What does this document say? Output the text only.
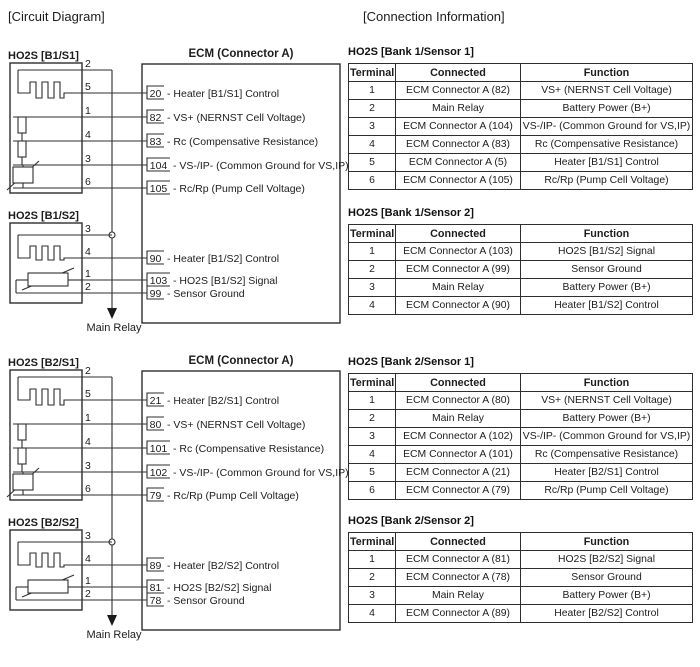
[Circuit Diagram]	[Connection Information]
HO2S [B1/S1]
2
5
1
4
3
6
Main Relay
HO2S [B1/S2]
3
4
1
2
ECM (Connector A)
20 - Heater [B1/S1] Control
82 - VS+ (NERNST Cell Voltage)
83 - Rc (Compensative Resistance)
104 - VS-/IP- (Common Ground for VS,IP)
105 - Rc/Rp (Pump Cell Voltage)
90 - Heater [B1/S2] Control
103 - HO2S [B1/S2] Signal
99 - Sensor Ground
HO2S [B2/S1]
2
5
1
4
3
6
Main Relay
HO2S [B2/S2]
3
4
1
2
ECM (Connector A)
21 - Heater [B2/S1] Control
80 - VS+ (NERNST Cell Voltage)
101 - Rc (Compensative Resistance)
102 - VS-/IP- (Common Ground for VS,IP)
79 - Rc/Rp (Pump Cell Voltage)
89 - Heater [B2/S2] Control
81 - HO2S [B2/S2] Signal
78 - Sensor Ground
HO2S [Bank 1/Sensor 1]
Terminal	Connected	Function
1	ECM Connector A (82)	VS+ (NERNST Cell Voltage)
2	Main Relay	Battery Power (B+)
3	ECM Connector A (104)	VS-/IP- (Common Ground for VS,IP)
4	ECM Connector A (83)	Rc (Compensative Resistance)
5	ECM Connector A (5)	Heater [B1/S1] Control
6	ECM Connector A (105)	Rc/Rp (Pump Cell Voltage)
HO2S [Bank 1/Sensor 2]
Terminal	Connected	Function
1	ECM Connector A (103)	HO2S [B1/S2] Signal
2	ECM Connector A (99)	Sensor Ground
3	Main Relay	Battery Power (B+)
4	ECM Connector A (90)	Heater [B1/S2] Control
HO2S [Bank 2/Sensor 1]
Terminal	Connected	Function
1	ECM Connector A (80)	VS+ (NERNST Cell Voltage)
2	Main Relay	Battery Power (B+)
3	ECM Connector A (102)	VS-/IP- (Common Ground for VS,IP)
4	ECM Connector A (101)	Rc (Compensative Resistance)
5	ECM Connector A (21)	Heater [B2/S1] Control
6	ECM Connector A (79)	Rc/Rp (Pump Cell Voltage)
HO2S [Bank 2/Sensor 2]
Terminal	Connected	Function
1	ECM Connector A (81)	HO2S [B2/S2] Signal
2	ECM Connector A (78)	Sensor Ground
3	Main Relay	Battery Power (B+)
4	ECM Connector A (89)	Heater [B2/S2] Control
